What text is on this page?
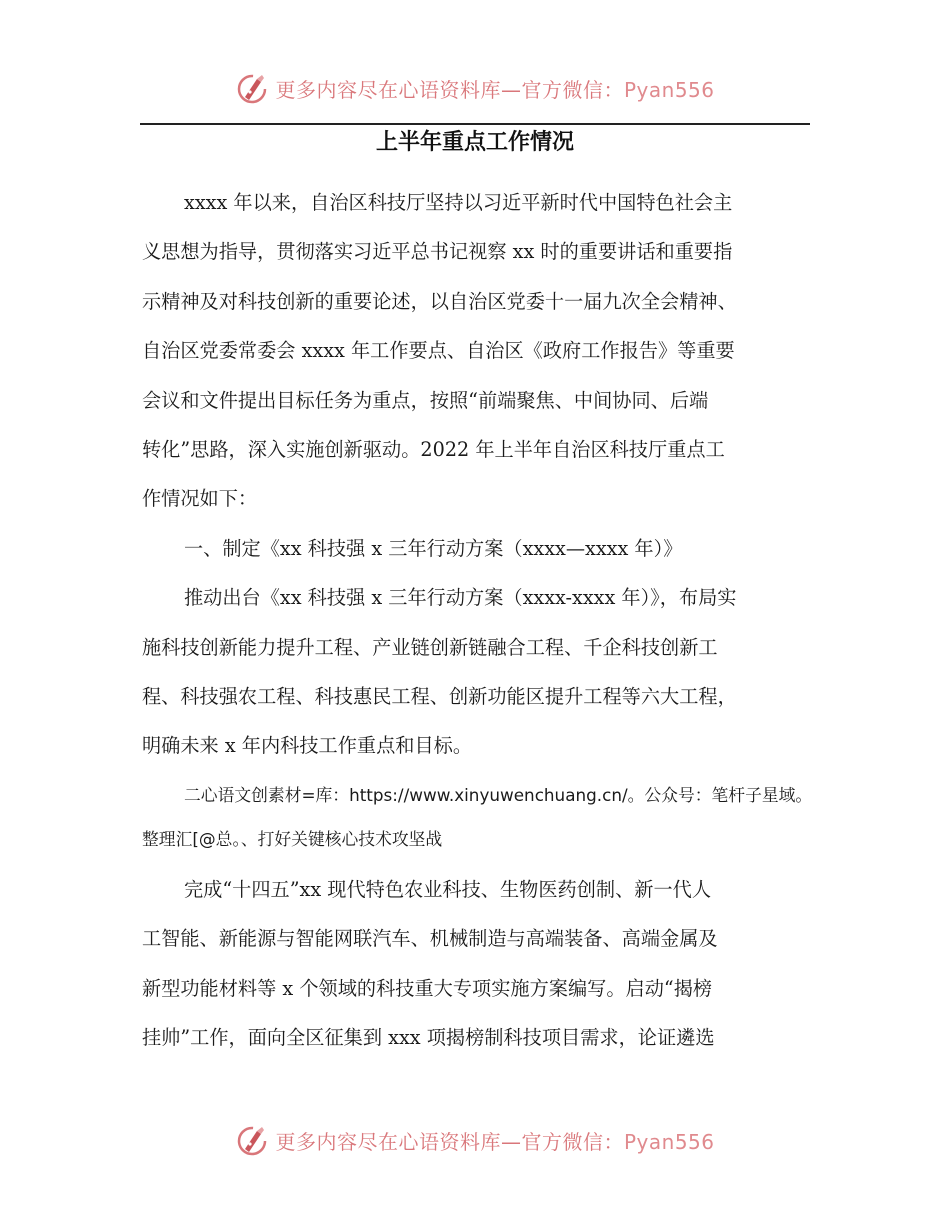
更多内容尽在心语资料库—官方微信：Pyan556
上半年重点工作情况

xxxx 年以来，自治区科技厅坚持以习近平新时代中国特色社会主
义思想为指导，贯彻落实习近平总书记视察 xx 时的重要讲话和重要指
示精神及对科技创新的重要论述，以自治区党委十一届九次全会精神、
自治区党委常委会 xxxx 年工作要点、自治区《政府工作报告》等重要
会议和文件提出目标任务为重点，按照“前端聚焦、中间协同、后端
转化”思路，深入实施创新驱动。2022 年上半年自治区科技厅重点工
作情况如下：

一、制定《xx 科技强 x 三年行动方案（xxxx—xxxx 年）》

推动出台《xx 科技强 x 三年行动方案（xxxx-xxxx 年）》，布局实
施科技创新能力提升工程、产业链创新链融合工程、千企科技创新工
程、科技强农工程、科技惠民工程、创新功能区提升工程等六大工程，
明确未来 x 年内科技工作重点和目标。

二心语文创素材=库：https://www.xinyuwenchuang.cn/。公众号：笔杆子星域。
整理汇[@总。、打好关键核心技术攻坚战

完成“十四五”xx 现代特色农业科技、生物医药创制、新一代人
工智能、新能源与智能网联汽车、机械制造与高端装备、高端金属及
新型功能材料等 x 个领域的科技重大专项实施方案编写。启动“揭榜
挂帅”工作，面向全区征集到 xxx 项揭榜制科技项目需求，论证遴选

更多内容尽在心语资料库—官方微信：Pyan556
